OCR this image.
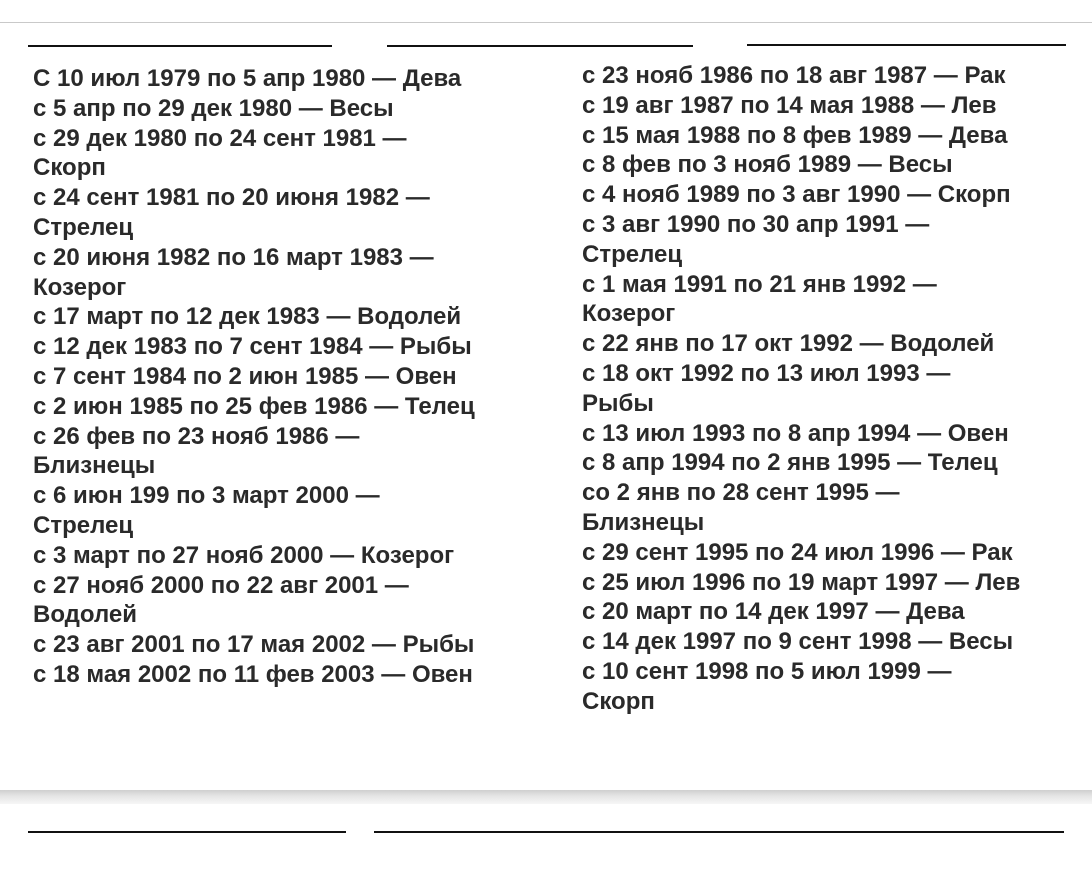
С 10 июл 1979 по 5 апр 1980 — Дева
с 5 апр по 29 дек 1980 — Весы
с 29 дек 1980 по 24 сент 1981 —
Скорп
с 24 сент 1981 по 20 июня 1982 —
Стрелец
с 20 июня 1982 по 16 март 1983 —
Козерог
с 17 март по 12 дек 1983 — Водолей
с 12 дек 1983 по 7 сент 1984 — Рыбы
с 7 сент 1984 по 2 июн 1985 — Овен
с 2 июн 1985 по 25 фев 1986 — Телец
с 26 фев по 23 нояб 1986 —
Близнецы
с 6 июн 199 по 3 март 2000 —
Стрелец
с 3 март по 27 нояб 2000 — Козерог
с 27 нояб 2000 по 22 авг 2001 —
Водолей
с 23 авг 2001 по 17 мая 2002 — Рыбы
с 18 мая 2002 по 11 фев 2003 — Овен
с 23 нояб 1986 по 18 авг 1987 — Рак
с 19 авг 1987 по 14 мая 1988 — Лев
с 15 мая 1988 по 8 фев 1989 — Дева
с 8 фев по 3 нояб 1989 — Весы
с 4 нояб 1989 по 3 авг 1990 — Скорп
с 3 авг 1990 по 30 апр 1991 —
Стрелец
с 1 мая 1991 по 21 янв 1992 —
Козерог
с 22 янв по 17 окт 1992 — Водолей
с 18 окт 1992 по 13 июл 1993 —
Рыбы
с 13 июл 1993 по 8 апр 1994 — Овен
с 8 апр 1994 по 2 янв 1995 — Телец
со 2 янв по 28 сент 1995 —
Близнецы
с 29 сент 1995 по 24 июл 1996 — Рак
с 25 июл 1996 по 19 март 1997 — Лев
с 20 март по 14 дек 1997 — Дева
с 14 дек 1997 по 9 сент 1998 — Весы
с 10 сент 1998 по 5 июл 1999 —
Скорп
